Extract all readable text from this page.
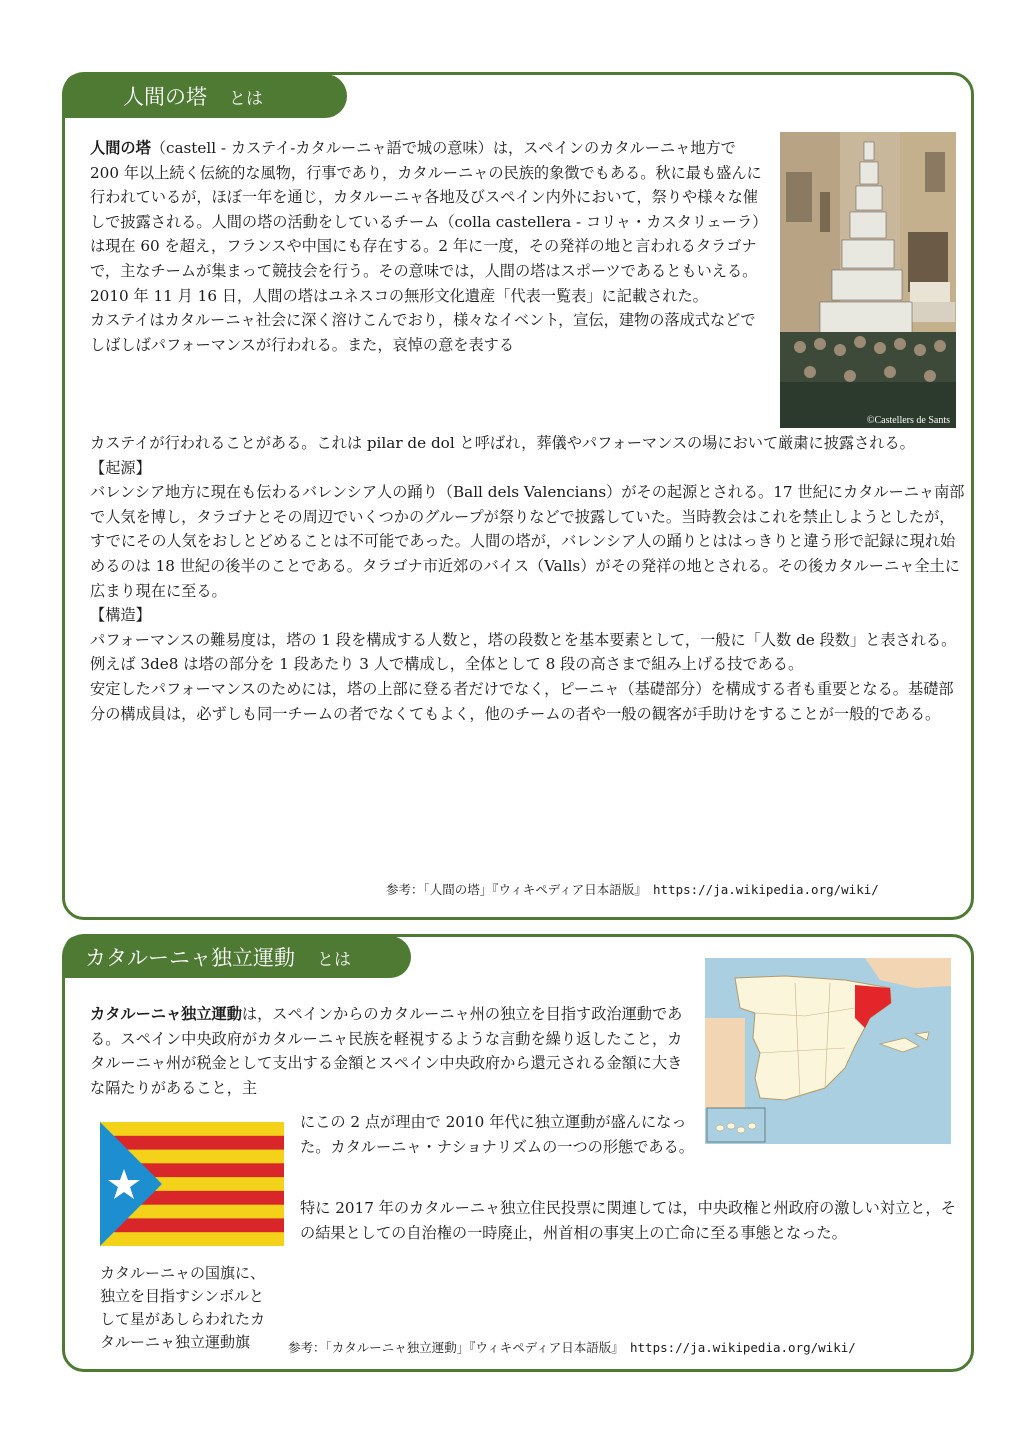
人間の塔 とは
©Castellers de Sants

人間の塔（castell - カステイ-カタルーニャ語で城の意味）は，スペインのカタルーニャ地方で 200 年以上続く伝統的な風物，行事であり，カタルーニャの民族的象徴でもある。秋に最も盛んに行われているが，ほぼ一年を通じ，カタルーニャ各地及びスペイン内外において，祭りや様々な催しで披露される。人間の塔の活動をしているチーム（colla castellera - コリャ・カスタリェーラ）は現在 60 を超え，フランスや中国にも存在する。2 年に一度，その発祥の地と言われるタラゴナで，主なチームが集まって競技会を行う。その意味では，人間の塔はスポーツであるともいえる。2010 年 11 月 16 日，人間の塔はユネスコの無形文化遺産「代表一覧表」に記載された。

カステイはカタルーニャ社会に深く溶けこんでおり，様々なイベント，宣伝，建物の落成式などでしばしばパフォーマンスが行われる。また，哀悼の意を表する

カステイが行われることがある。これは pilar de dol と呼ばれ，葬儀やパフォーマンスの場において厳粛に披露される。

【起源】

バレンシア地方に現在も伝わるバレンシア人の踊り（Ball dels Valencians）がその起源とされる。17 世紀にカタルーニャ南部で人気を博し，タラゴナとその周辺でいくつかのグループが祭りなどで披露していた。当時教会はこれを禁止しようとしたが，すでにその人気をおしとどめることは不可能であった。人間の塔が，バレンシア人の踊りとははっきりと違う形で記録に現れ始めるのは 18 世紀の後半のことである。タラゴナ市近郊のバイス（Valls）がその発祥の地とされる。その後カタルーニャ全土に広まり現在に至る。

【構造】

パフォーマンスの難易度は，塔の 1 段を構成する人数と，塔の段数とを基本要素として，一般に「人数 de 段数」と表される。例えば 3de8 は塔の部分を 1 段あたり 3 人で構成し，全体として 8 段の高さまで組み上げる技である。

安定したパフォーマンスのためには，塔の上部に登る者だけでなく，ピーニャ（基礎部分）を構成する者も重要となる。基礎部分の構成員は，必ずしも同一チームの者でなくてもよく，他のチームの者や一般の観客が手助けをすることが一般的である。

参考：「人間の塔」『ウィキペディア日本語版』　https://ja.wikipedia.org/wiki/
カタルーニャ独立運動 とは

カタルーニャ独立運動は，スペインからのカタルーニャ州の独立を目指す政治運動である。スペイン中央政府がカタルーニャ民族を軽視するような言動を繰り返したこと，カタルーニャ州が税金として支出する金額とスペイン中央政府から還元される金額に大きな隔たりがあること，主

にこの 2 点が理由で 2010 年代に独立運動が盛んになった。カタルーニャ・ナショナリズムの一つの形態である。

特に 2017 年のカタルーニャ独立住民投票に関連しては，中央政権と州政府の激しい対立と，その結果としての自治権の一時廃止，州首相の事実上の亡命に至る事態となった。

カタルーニャの国旗に、独立を目指すシンボルとして星があしらわれたカタルーニャ独立運動旗	参考：「カタルーニャ独立運動」『ウィキペディア日本語版』　https://ja.wikipedia.org/wiki/
